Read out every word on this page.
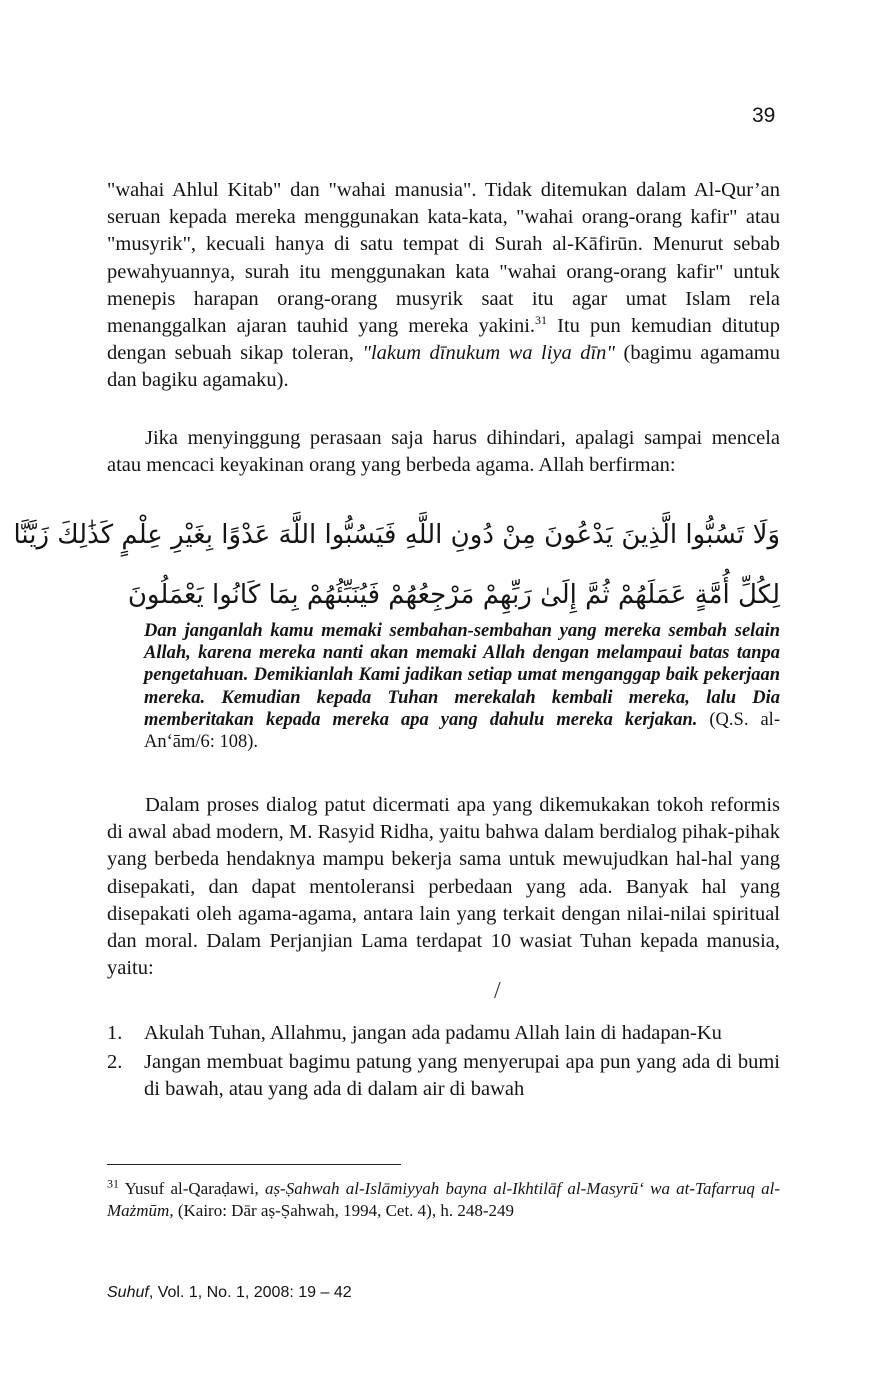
39

"wahai Ahlul Kitab" dan "wahai manusia". Tidak ditemukan dalam Al-Qur’an seruan kepada mereka menggunakan kata-kata, "wahai orang-orang kafir" atau "musyrik", kecuali hanya di satu tempat di Surah al-Kāfirūn. Menurut sebab pewahyuannya, surah itu menggunakan kata "wahai orang-orang kafir" untuk menepis harapan orang-orang musyrik saat itu agar umat Islam rela menanggalkan ajaran tauhid yang mereka yakini.$^{31}$ Itu pun kemudian ditutup dengan sebuah sikap toleran, "lakum dīnukum wa liya dīn" (bagimu agamamu dan bagiku agamaku).

Jika menyinggung perasaan saja harus dihindari, apalagi sampai mencela atau mencaci keyakinan orang yang berbeda agama. Allah berfirman:

وَلَا تَسُبُّوا الَّذِينَ يَدْعُونَ مِنْ دُونِ اللَّهِ فَيَسُبُّوا اللَّهَ عَدْوًا بِغَيْرِ عِلْمٍ كَذَٰلِكَ زَيَّنَّا
لِكُلِّ أُمَّةٍ عَمَلَهُمْ ثُمَّ إِلَىٰ رَبِّهِمْ مَرْجِعُهُمْ فَيُنَبِّئُهُمْ بِمَا كَانُوا يَعْمَلُونَ

Dan janganlah kamu memaki sembahan-sembahan yang mereka sembah selain Allah, karena mereka nanti akan memaki Allah dengan melampaui batas tanpa pengetahuan. Demikianlah Kami jadikan setiap umat menganggap baik pekerjaan mereka. Kemudian kepada Tuhan merekalah kembali mereka, lalu Dia memberitakan kepada mereka apa yang dahulu mereka kerjakan. (Q.S. al-An‘ām/6: 108).

Dalam proses dialog patut dicermati apa yang dikemukakan tokoh reformis di awal abad modern, M. Rasyid Ridha, yaitu bahwa dalam berdialog pihak-pihak yang berbeda hendaknya mampu bekerja sama untuk mewujudkan hal-hal yang disepakati, dan dapat mentoleransi perbedaan yang ada. Banyak hal yang disepakati oleh agama-agama, antara lain yang terkait dengan nilai-nilai spiritual dan moral. Dalam Perjanjian Lama terdapat 10 wasiat Tuhan kepada manusia, yaitu:

/
1. Akulah Tuhan, Allahmu, jangan ada padamu Allah lain di hadapan-Ku
2. Jangan membuat bagimu patung yang menyerupai apa pun yang ada di bumi di bawah, atau yang ada di dalam air di bawah

$^{31}$ Yusuf al-Qaraḍawi, aṣ-Ṣahwah al-Islāmiyyah bayna al-Ikhtilāf al-Masyrū‘ wa at-Tafarruq al-Mażmūm, (Kairo: Dār aṣ-Ṣahwah, 1994, Cet. 4), h. 248-249

Suhuf, Vol. 1, No. 1, 2008: 19 – 42
